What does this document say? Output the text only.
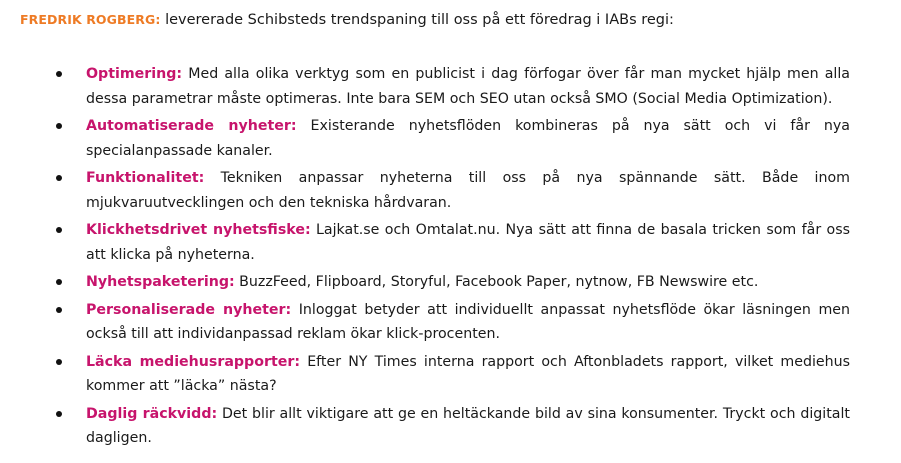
FREDRIK ROGBERG: levererade Schibsteds trendspaning till oss på ett föredrag i IABs regi:

Optimering: Med alla olika verktyg som en publicist i dag förfogar över får man mycket hjälp men alla dessa parametrar måste optimeras. Inte bara SEM och SEO utan också SMO (Social Media Optimization).
Automatiserade nyheter: Existerande nyhetsflöden kombineras på nya sätt och vi får nya specialanpassade kanaler.
Funktionalitet: Tekniken anpassar nyheterna till oss på nya spännande sätt. Både inom mjukvaruutvecklingen och den tekniska hårdvaran.
Klickhetsdrivet nyhetsfiske: Lajkat.se och Omtalat.nu. Nya sätt att finna de basala tricken som får oss att klicka på nyheterna.
Nyhetspaketering: BuzzFeed, Flipboard, Storyful, Facebook Paper, nytnow, FB Newswire etc.
Personaliserade nyheter: Inloggat betyder att individuellt anpassat nyhetsflöde ökar läsningen men också till att individanpassad reklam ökar klick-procenten.
Läcka mediehusrapporter: Efter NY Times interna rapport och Aftonbladets rapport, vilket mediehus kommer att ”läcka” nästa?
Daglig räckvidd: Det blir allt viktigare att ge en heltäckande bild av sina konsumenter. Tryckt och digitalt dagligen.
